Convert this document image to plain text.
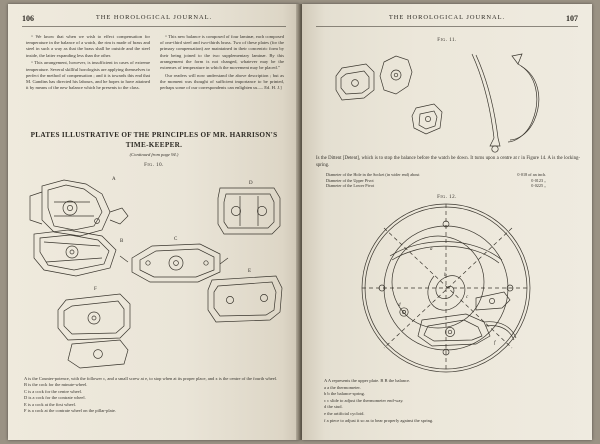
106	THE HOROLOGICAL JOURNAL.

“ We know that when we wish to effect compensation for temperature in the balance of a watch, the rim is made of brass and steel in such a way as that the brass shall be outside and the steel inside, the latter expanding less than the other.

“ This arrangement, however, is insufficient in cases of extreme temperature. Several skillful horologists are applying themselves to perfect the method of compensation ; and it is towards this end that M. Gandins has directed his labours, and he hopes to have attained it by means of the new balance which he presents to the class.

“ This new balance is composed of four laminæ, each composed of one-third steel and two-thirds brass. Two of these plates (for the primary compensation) are maintained in their concentric form by their being joined to the two supplementary laminæ. By this arrangement the form is not changed, whatever may be the extremes of temperature in which the movement may be placed.”

Our readers will now understand the above description ; but as the moment was thought of sufficient importance to be printed, perhaps some of our correspondents can enlighten us.— Ed. H. J.]

PLATES ILLUSTRATIVE OF THE PRINCIPLES OF MR. HARRISON'S TIME-KEEPER.
(Continued from page 94.)
Fig. 10.
A
B	C
D
E
F
A is the Counter-potence, with the follower c, and a small screw at e, to stop when at its proper place, and x is the centre of the fourth wheel.
B is the cock for the minute-wheel.
C is a cock for the centre wheel.
D is a cock for the contrate wheel.
E is a cock at the first wheel.
F is a cock at the contrate wheel on the pillar-plate.
THE HOROLOGICAL JOURNAL.	107
Fig. 11.
Is the Dittent [Detent], which is to stop the balance before the watch be down. It turns upon a centre at r in Figure 14. A is the locking-spring.
Diameter of the Hole in the Socket (in wider end) about	0·018 of an inch.
Diameter of the Upper Pivot	0·0123 „
Diameter of the Lower Pivot	0·0225 „
Fig. 12.
a
c
d
f
b
A A represents the upper plate. B B the balance.
a a the thermometer.
b b the balance-spring.
c c slide to adjust the thermometer end-way.
d the stud.
e the artificial cycloid.
f a piece to adjust it so as to bear properly against the spring.
